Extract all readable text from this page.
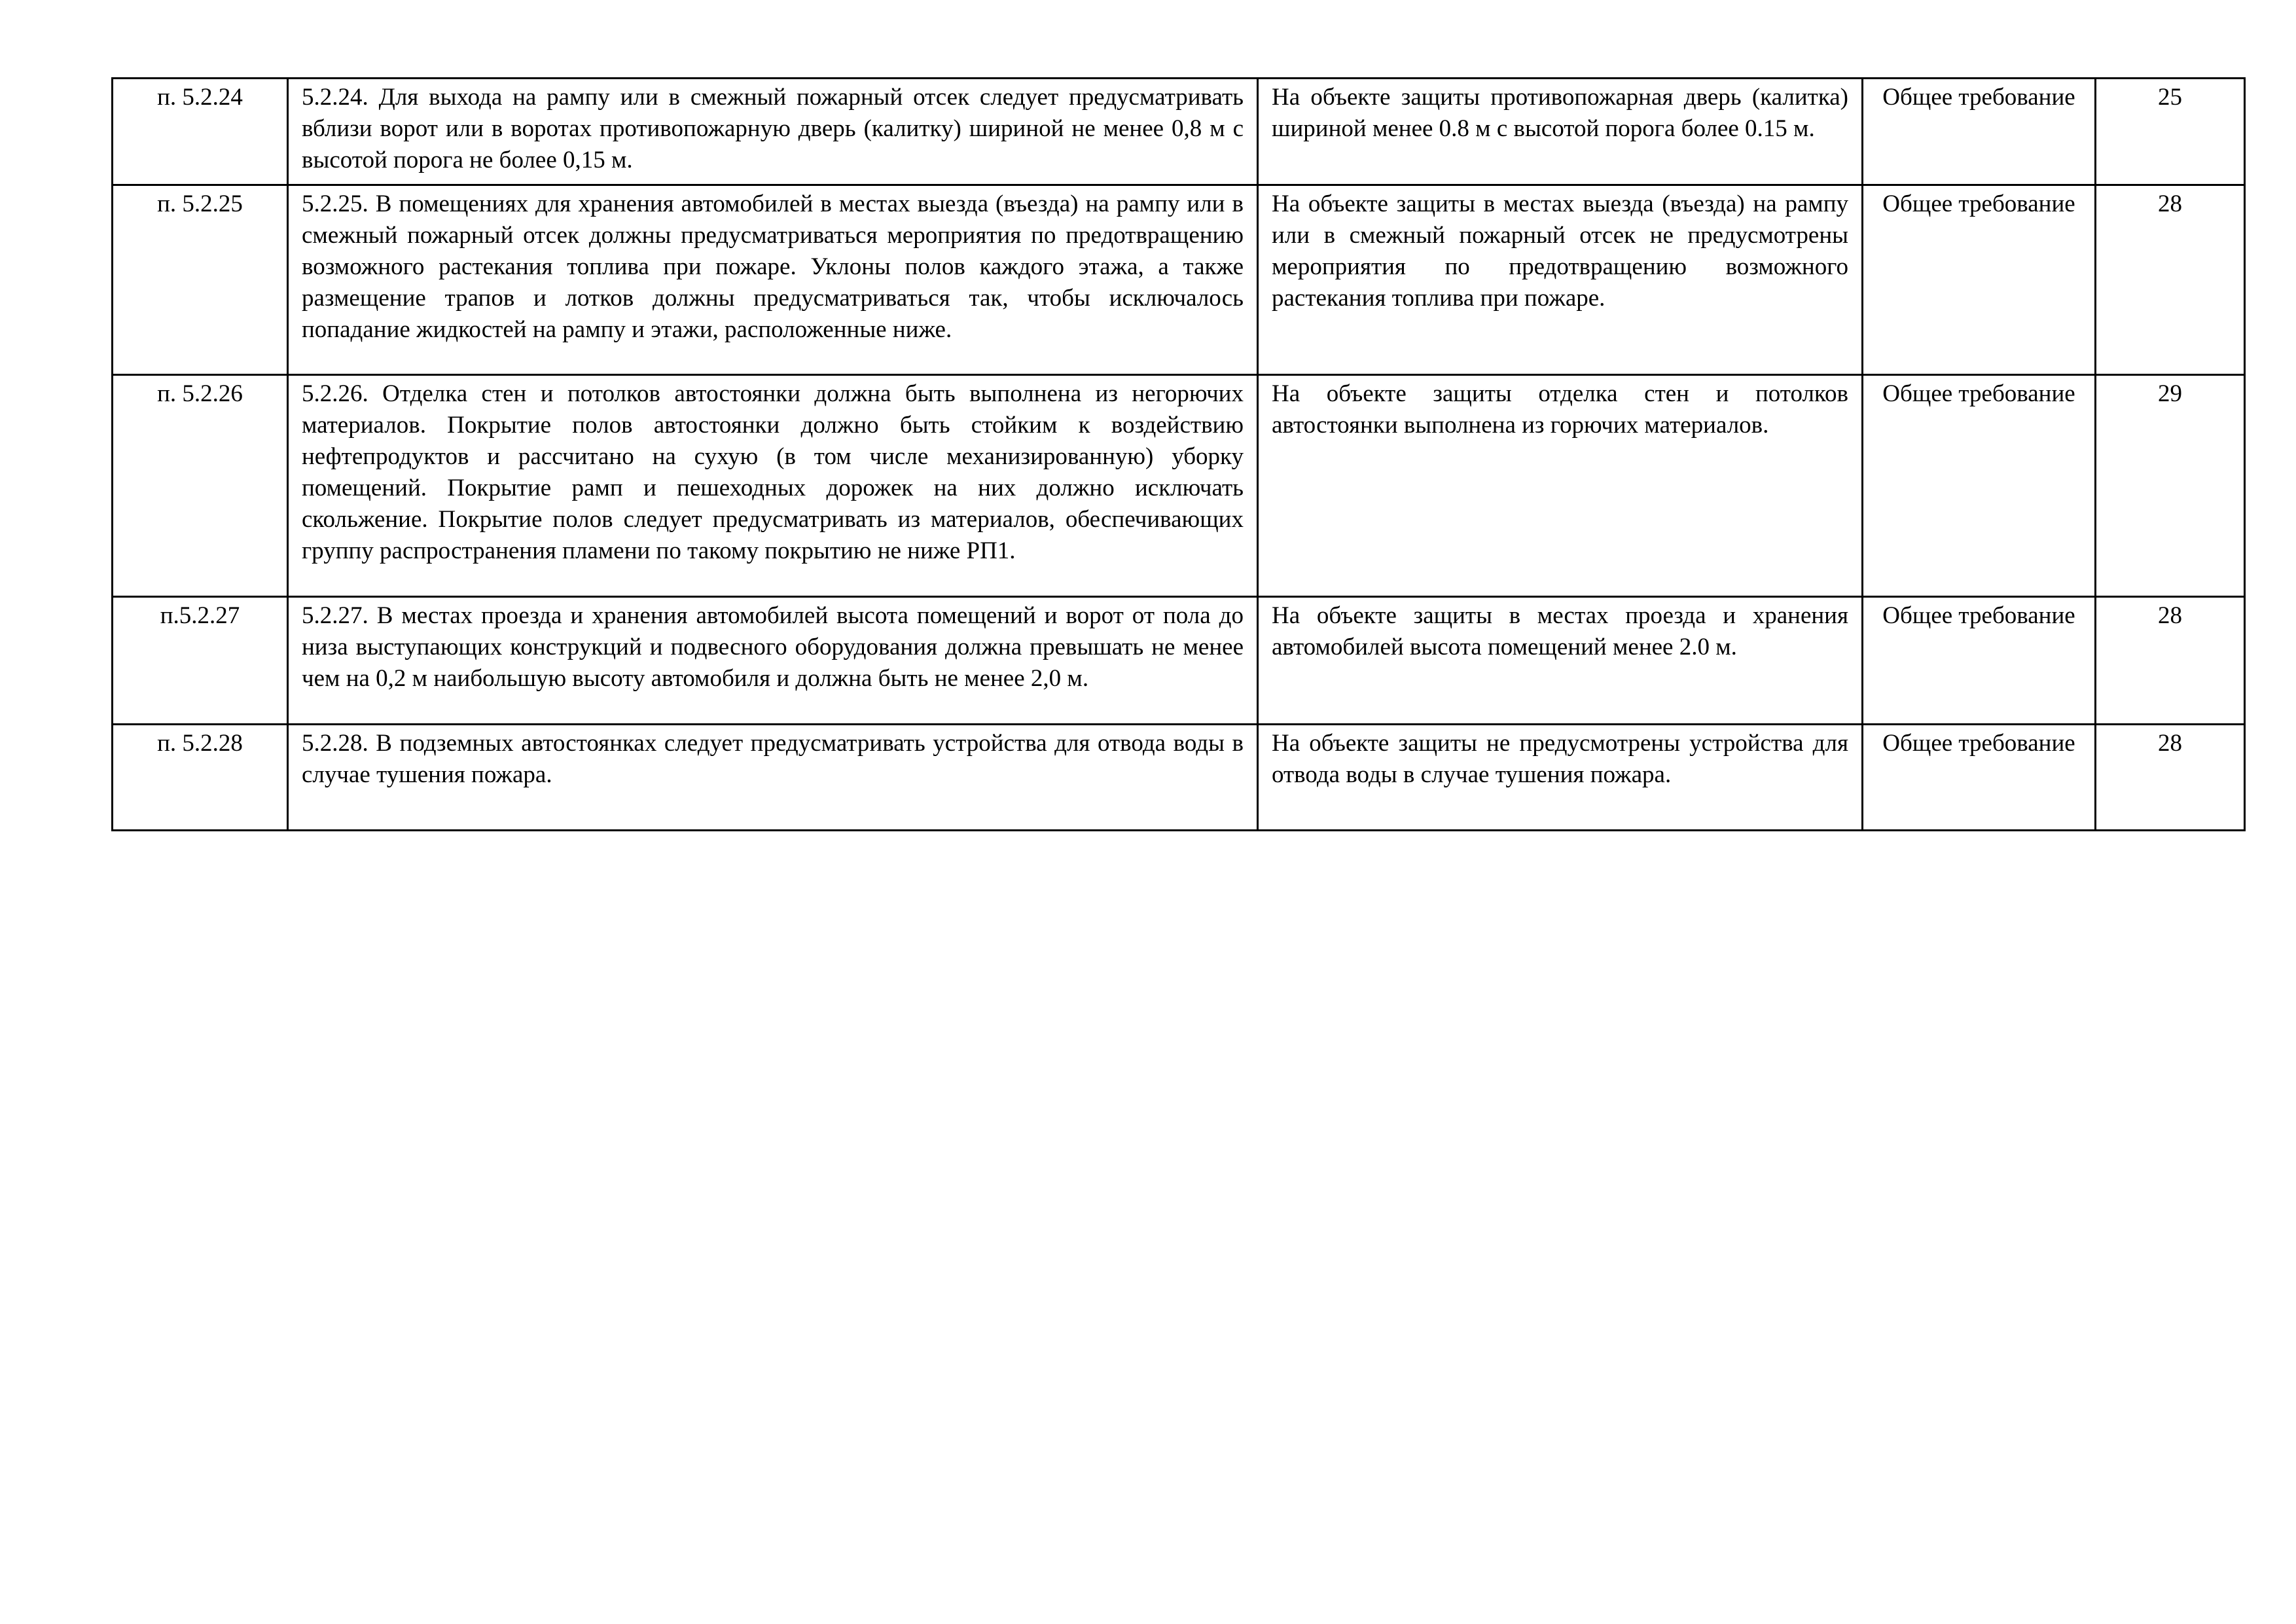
п. 5.2.24	5.2.24. Для выхода на рампу или в смежный пожарный отсек следует предусматривать вблизи ворот или в воротах противопожарную дверь (калитку) шириной не менее 0,8 м с высотой порога не более 0,15 м.	На объекте защиты противопожарная дверь (калитка) шириной менее 0.8 м с высотой порога более 0.15 м.	Общее требование	25
п. 5.2.25	5.2.25. В помещениях для хранения автомобилей в местах выезда (въезда) на рампу или в смежный пожарный отсек должны предусматриваться мероприятия по предотвращению возможного растекания топлива при пожаре. Уклоны полов каждого этажа, а также размещение трапов и лотков должны предусматриваться так, чтобы исключалось попадание жидкостей на рампу и этажи, расположенные ниже.	На объекте защиты в местах выезда (въезда) на рампу или в смежный пожарный отсек не предусмотрены мероприятия по предотвращению возможного растекания топлива при пожаре.	Общее требование	28
п. 5.2.26	5.2.26. Отделка стен и потолков автостоянки должна быть выполнена из негорючих материалов. Покрытие полов автостоянки должно быть стойким к воздействию нефтепродуктов и рассчитано на сухую (в том числе механизированную) уборку помещений. Покрытие рамп и пешеходных дорожек на них должно исключать скольжение. Покрытие полов следует предусматривать из материалов, обеспечивающих группу распространения пламени по такому покрытию не ниже РП1.	На объекте защиты отделка стен и потолков автостоянки выполнена из горючих материалов.	Общее требование	29
п.5.2.27	5.2.27. В местах проезда и хранения автомобилей высота помещений и ворот от пола до низа выступающих конструкций и подвесного оборудования должна превышать не менее чем на 0,2 м наибольшую высоту автомобиля и должна быть не менее 2,0 м.	На объекте защиты в местах проезда и хранения автомобилей высота помещений менее 2.0 м.	Общее требование	28
п. 5.2.28	5.2.28. В подземных автостоянках следует предусматривать устройства для отвода воды в случае тушения пожара.	На объекте защиты не предусмотрены устройства для отвода воды в случае тушения пожара.	Общее требование	28
